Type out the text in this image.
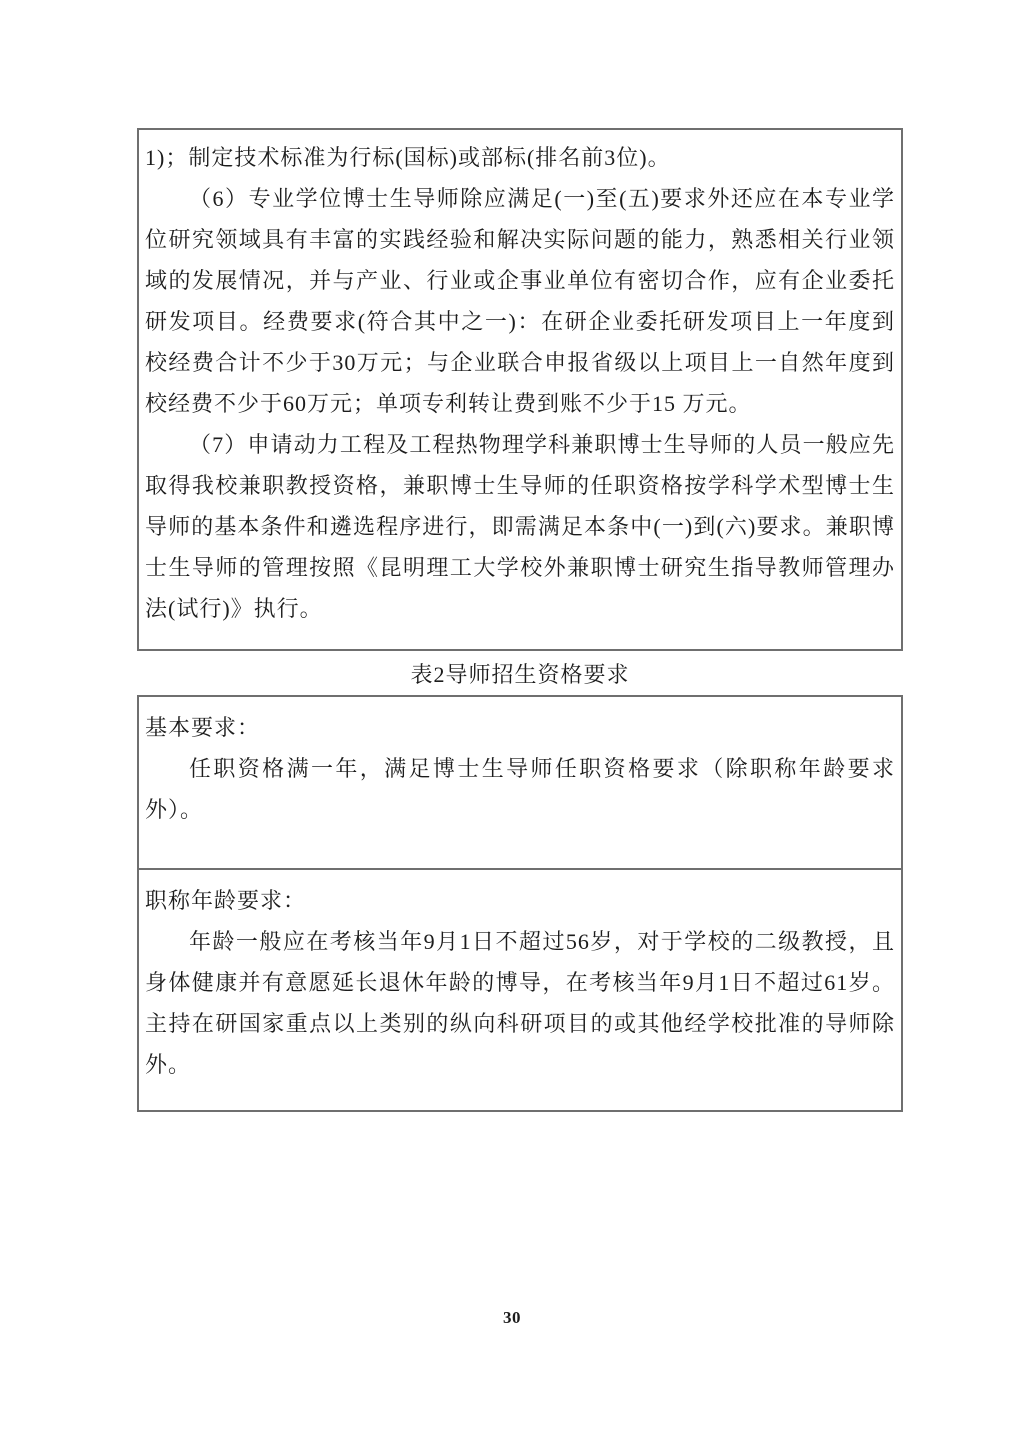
1)；制定技术标准为行标(国标)或部标(排名前3位)。

（6）专业学位博士生导师除应满足(一)至(五)要求外还应在本专业学位研究领域具有丰富的实践经验和解决实际问题的能力，熟悉相关行业领域的发展情况，并与产业、行业或企事业单位有密切合作，应有企业委托研发项目。经费要求(符合其中之一)：在研企业委托研发项目上一年度到校经费合计不少于30万元；与企业联合申报省级以上项目上一自然年度到校经费不少于60万元；单项专利转让费到账不少于15 万元。

（7）申请动力工程及工程热物理学科兼职博士生导师的人员一般应先取得我校兼职教授资格，兼职博士生导师的任职资格按学科学术型博士生导师的基本条件和遴选程序进行，即需满足本条中(一)到(六)要求。兼职博士生导师的管理按照《昆明理工大学校外兼职博士研究生指导教师管理办法(试行)》执行。

表2导师招生资格要求

基本要求：

任职资格满一年，满足博士生导师任职资格要求（除职称年龄要求外）。

职称年龄要求：

年龄一般应在考核当年9月1日不超过56岁，对于学校的二级教授，且身体健康并有意愿延长退休年龄的博导，在考核当年9月1日不超过61岁。主持在研国家重点以上类别的纵向科研项目的或其他经学校批准的导师除外。

30
